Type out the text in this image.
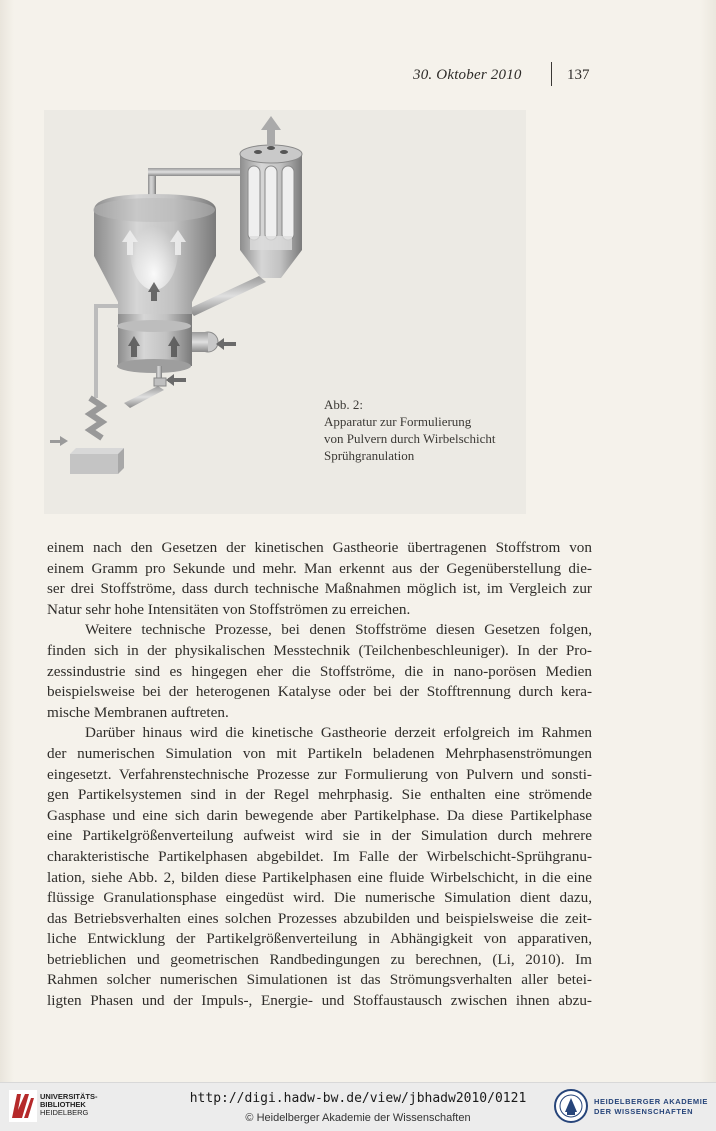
30. Oktober 2010	137
Abb. 2:
Apparatur zur Formulierung
von Pulvern durch Wirbelschicht
Sprühgranulation

einem nach den Gesetzen der kinetischen Gastheorie übertragenen Stoffstrom von

einem Gramm pro Sekunde und mehr. Man erkennt aus der Gegenüberstellung die-

ser drei Stoffströme, dass durch technische Maßnahmen möglich ist, im Vergleich zur

Natur sehr hohe Intensitäten von Stoffströmen zu erreichen.

Weitere technische Prozesse, bei denen Stoffströme diesen Gesetzen folgen,

finden sich in der physikalischen Messtechnik (Teilchenbeschleuniger). In der Pro-

zessindustrie sind es hingegen eher die Stoffströme, die in nano-porösen Medien

beispielsweise bei der heterogenen Katalyse oder bei der Stofftrennung durch kera-

mische Membranen auftreten.

Darüber hinaus wird die kinetische Gastheorie derzeit erfolgreich im Rahmen

der numerischen Simulation von mit Partikeln beladenen Mehrphasenströmungen

eingesetzt. Verfahrenstechnische Prozesse zur Formulierung von Pulvern und sonsti-

gen Partikelsystemen sind in der Regel mehrphasig. Sie enthalten eine strömende

Gasphase und eine sich darin bewegende aber Partikelphase. Da diese Partikelphase

eine Partikelgrößenverteilung aufweist wird sie in der Simulation durch mehrere

charakteristische Partikelphasen abgebildet. Im Falle der Wirbelschicht-Sprühgranu-

lation, siehe Abb. 2, bilden diese Partikelphasen eine fluide Wirbelschicht, in die eine

flüssige Granulationsphase eingedüst wird. Die numerische Simulation dient dazu,

das Betriebsverhalten eines solchen Prozesses abzubilden und beispielsweise die zeit-

liche Entwicklung der Partikelgrößenverteilung in Abhängigkeit von apparativen,

betrieblichen und geometrischen Randbedingungen zu berechnen, (Li, 2010). Im

Rahmen solcher numerischen Simulationen ist das Strömungsverhalten aller betei-

ligten Phasen und der Impuls-, Energie- und Stoffaustausch zwischen ihnen abzu-

UNIVERSITÄTS-
BIBLIOTHEK
HEIDELBERG
http://digi.hadw-bw.de/view/jbhadw2010/0121
© Heidelberger Akademie der Wissenschaften
HEIDELBERGER AKADEMIE
DER WISSENSCHAFTEN
